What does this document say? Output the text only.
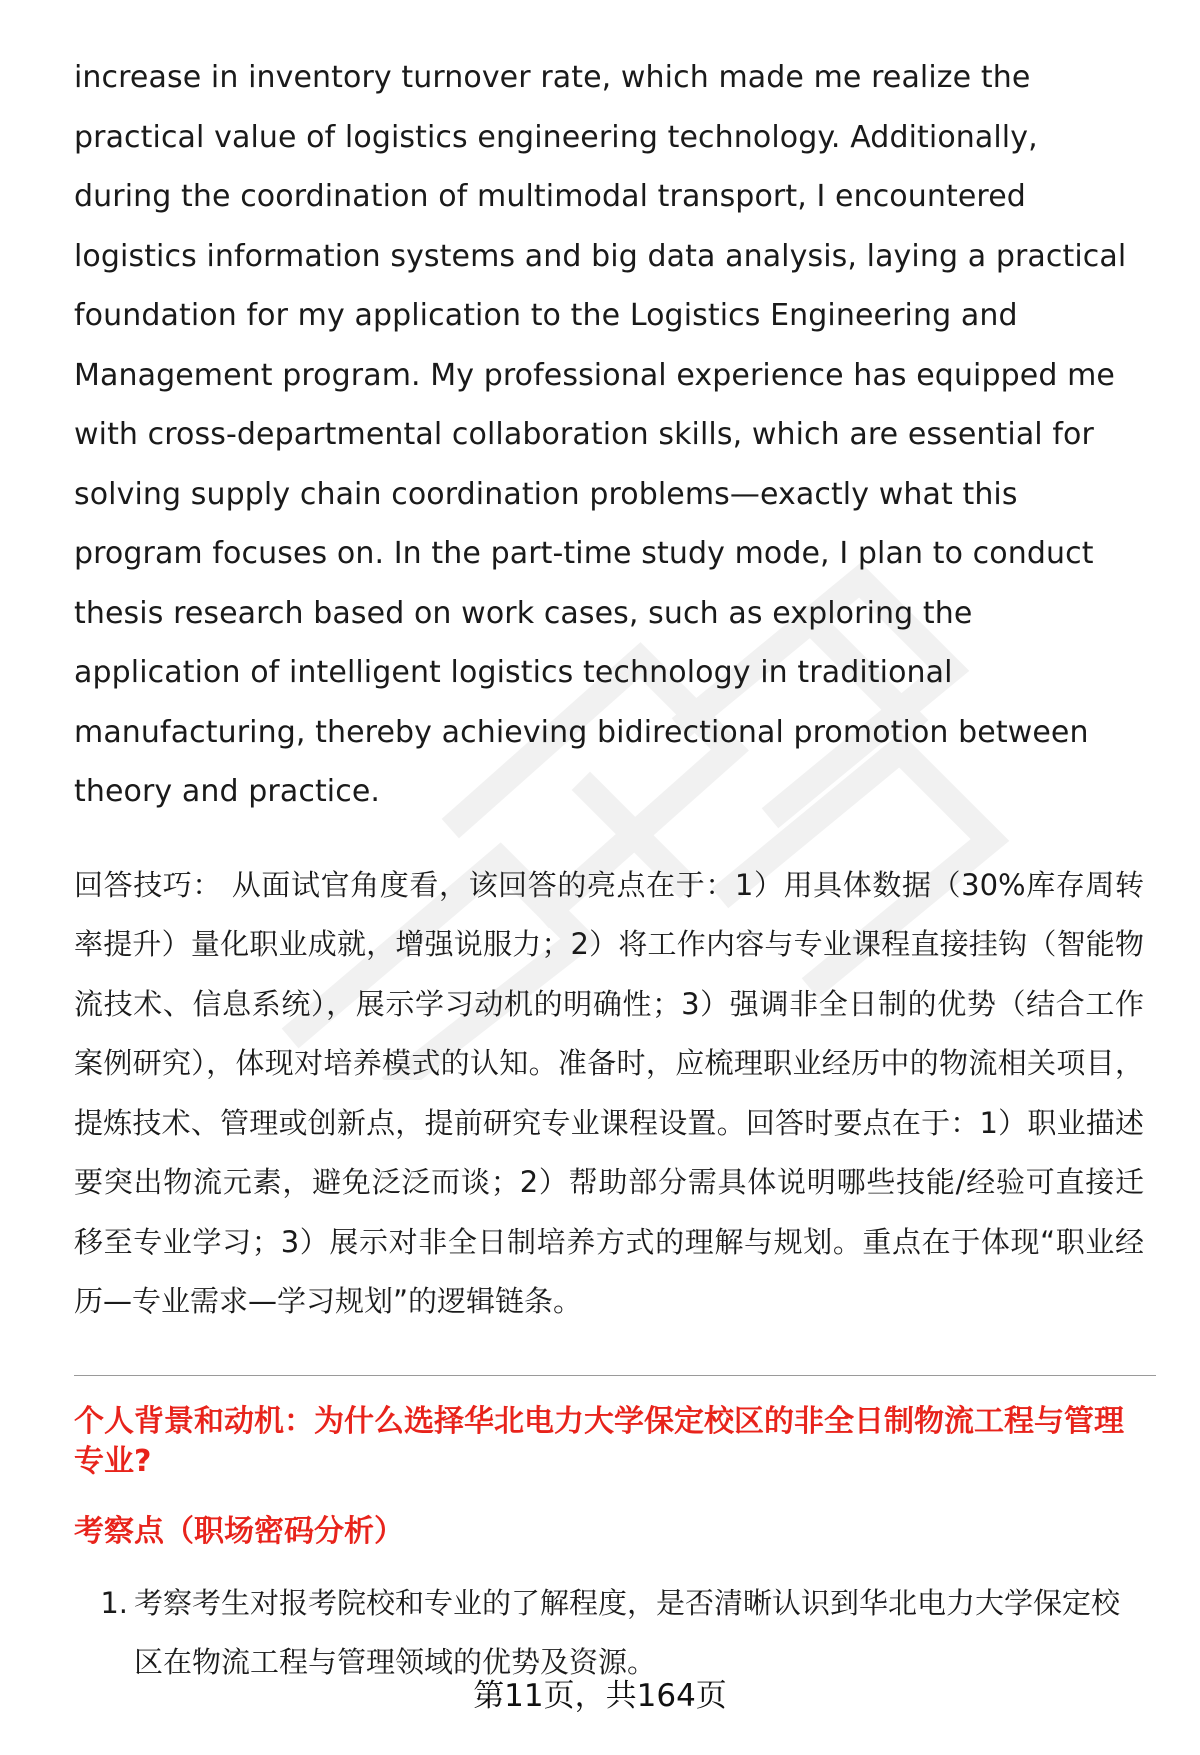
increase in inventory turnover rate, which made me realize the practical value of logistics engineering technology. Additionally, during the coordination of multimodal transport, I encountered logistics information systems and big data analysis, laying a practical foundation for my application to the Logistics Engineering and Management program. My professional experience has equipped me with cross-departmental collaboration skills, which are essential for solving supply chain coordination problems—exactly what this program focuses on. In the part-time study mode, I plan to conduct thesis research based on work cases, such as exploring the application of intelligent logistics technology in traditional manufacturing, thereby achieving bidirectional promotion between theory and practice.

回答技巧： 从面试官角度看，该回答的亮点在于：1）用具体数据（30%库存周转率提升）量化职业成就，增强说服力；2）将工作内容与专业课程直接挂钩（智能物流技术、信息系统），展示学习动机的明确性；3）强调非全日制的优势（结合工作案例研究），体现对培养模式的认知。准备时，应梳理职业经历中的物流相关项目，提炼技术、管理或创新点，提前研究专业课程设置。回答时要点在于：1）职业描述要突出物流元素，避免泛泛而谈；2）帮助部分需具体说明哪些技能/经验可直接迁移至专业学习；3）展示对非全日制培养方式的理解与规划。重点在于体现“职业经历—专业需求—学习规划”的逻辑链条。

个人背景和动机：为什么选择华北电力大学保定校区的非全日制物流工程与管理专业?
考察点（职场密码分析）
1. 考察考生对报考院校和专业的了解程度，是否清晰认识到华北电力大学保定校区在物流工程与管理领域的优势及资源。
第11页，共164页
